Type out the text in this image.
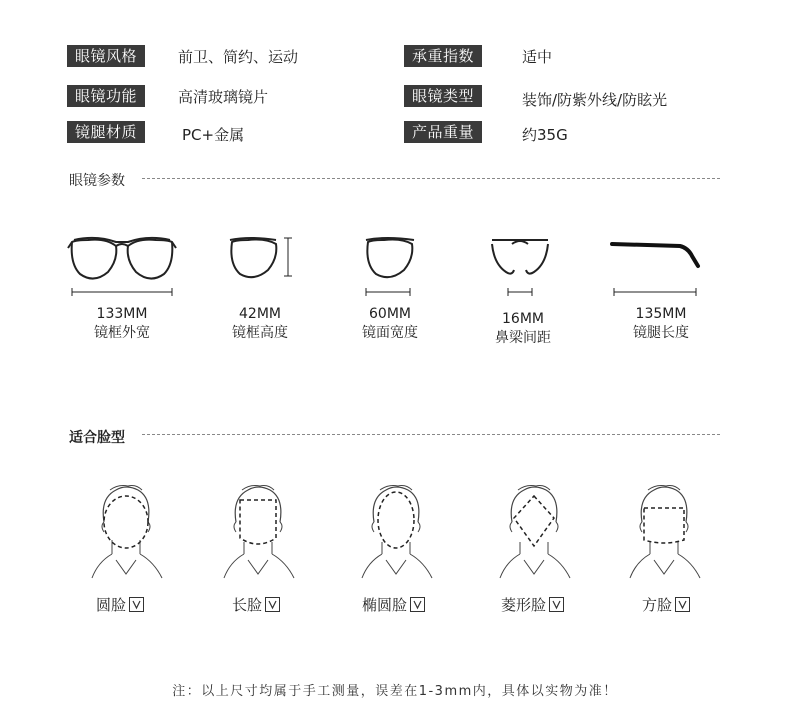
眼镜风格	前卫、简约、运动	承重指数	适中
眼镜功能	高清玻璃镜片	眼镜类型	装饰/防紫外线/防眩光
镜腿材质	PC+金属	产品重量	约35G
眼镜参数
133MM
镜框外宽
42MM
镜框高度
60MM
镜面宽度
16MM
鼻梁间距
135MM
镜腿长度
适合脸型
圆脸	长脸	椭圆脸	菱形脸	方脸
注：以上尺寸均属于手工测量，误差在1-3mm内，具体以实物为准！
